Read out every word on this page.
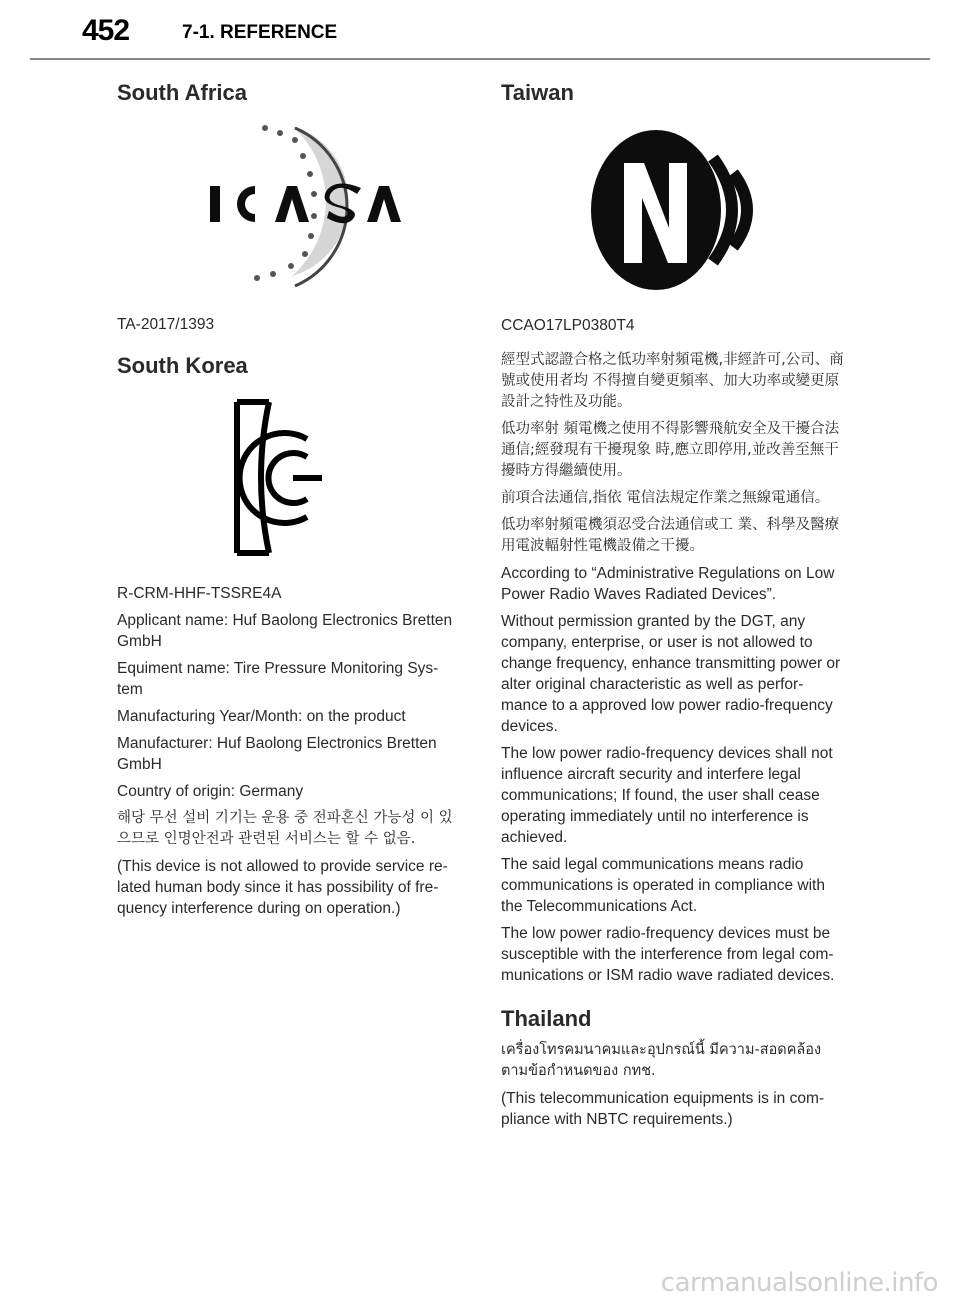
452	7-1. REFERENCE
South Africa

TA-2017/1393

South Korea

R-CRM-HHF-TSSRE4A

Applicant name: Huf Baolong Electronics Bretten GmbH

Equiment name: Tire Pressure Monitoring Sys-tem

Manufacturing Year/Month: on the product

Manufacturer: Huf Baolong Electronics Bretten GmbH

Country of origin: Germany

해당 무선 설비 기기는 운용 중 전파혼신 가능성 이 있으므로 인명안전과 관련된 서비스는 할 수 없음.

(This device is not allowed to provide service re-lated human body since it has possibility of fre-quency interference during on operation.)

Taiwan

CCAO17LP0380T4

經型式認證合格之低功率射頻電機,非經許可,公司、商號或使用者均 不得擅自變更頻率、加大功率或變更原設計之特性及功能。

低功率射 頻電機之使用不得影響飛航安全及干擾合法通信;經發現有干擾現象 時,應立即停用,並改善至無干擾時方得繼續使用。

前項合法通信,指依 電信法規定作業之無線電通信。

低功率射頻電機須忍受合法通信或工 業、科學及醫療用電波輻射性電機設備之干擾。

According to “Administrative Regulations on Low Power Radio Waves Radiated Devices”.

Without permission granted by the DGT, any company, enterprise, or user is not allowed to change frequency, enhance transmitting power or alter original characteristic as well as perfor-mance to a approved low power radio-frequency devices.

The low power radio-frequency devices shall not influence aircraft security and interfere legal communications; If found, the user shall cease operating immediately until no interference is achieved.

The said legal communications means radio communications is operated in compliance with the Telecommunications Act.

The low power radio-frequency devices must be susceptible with the interference from legal com-munications or ISM radio wave radiated devices.

Thailand

เครื่องโทรคมนาคมและอุปกรณ์นี้ มีความ-สอดคล้องตามข้อกำหนดของ กทช.

(This telecommunication equipments is in com-pliance with NBTC requirements.)

carmanualsonline.info
